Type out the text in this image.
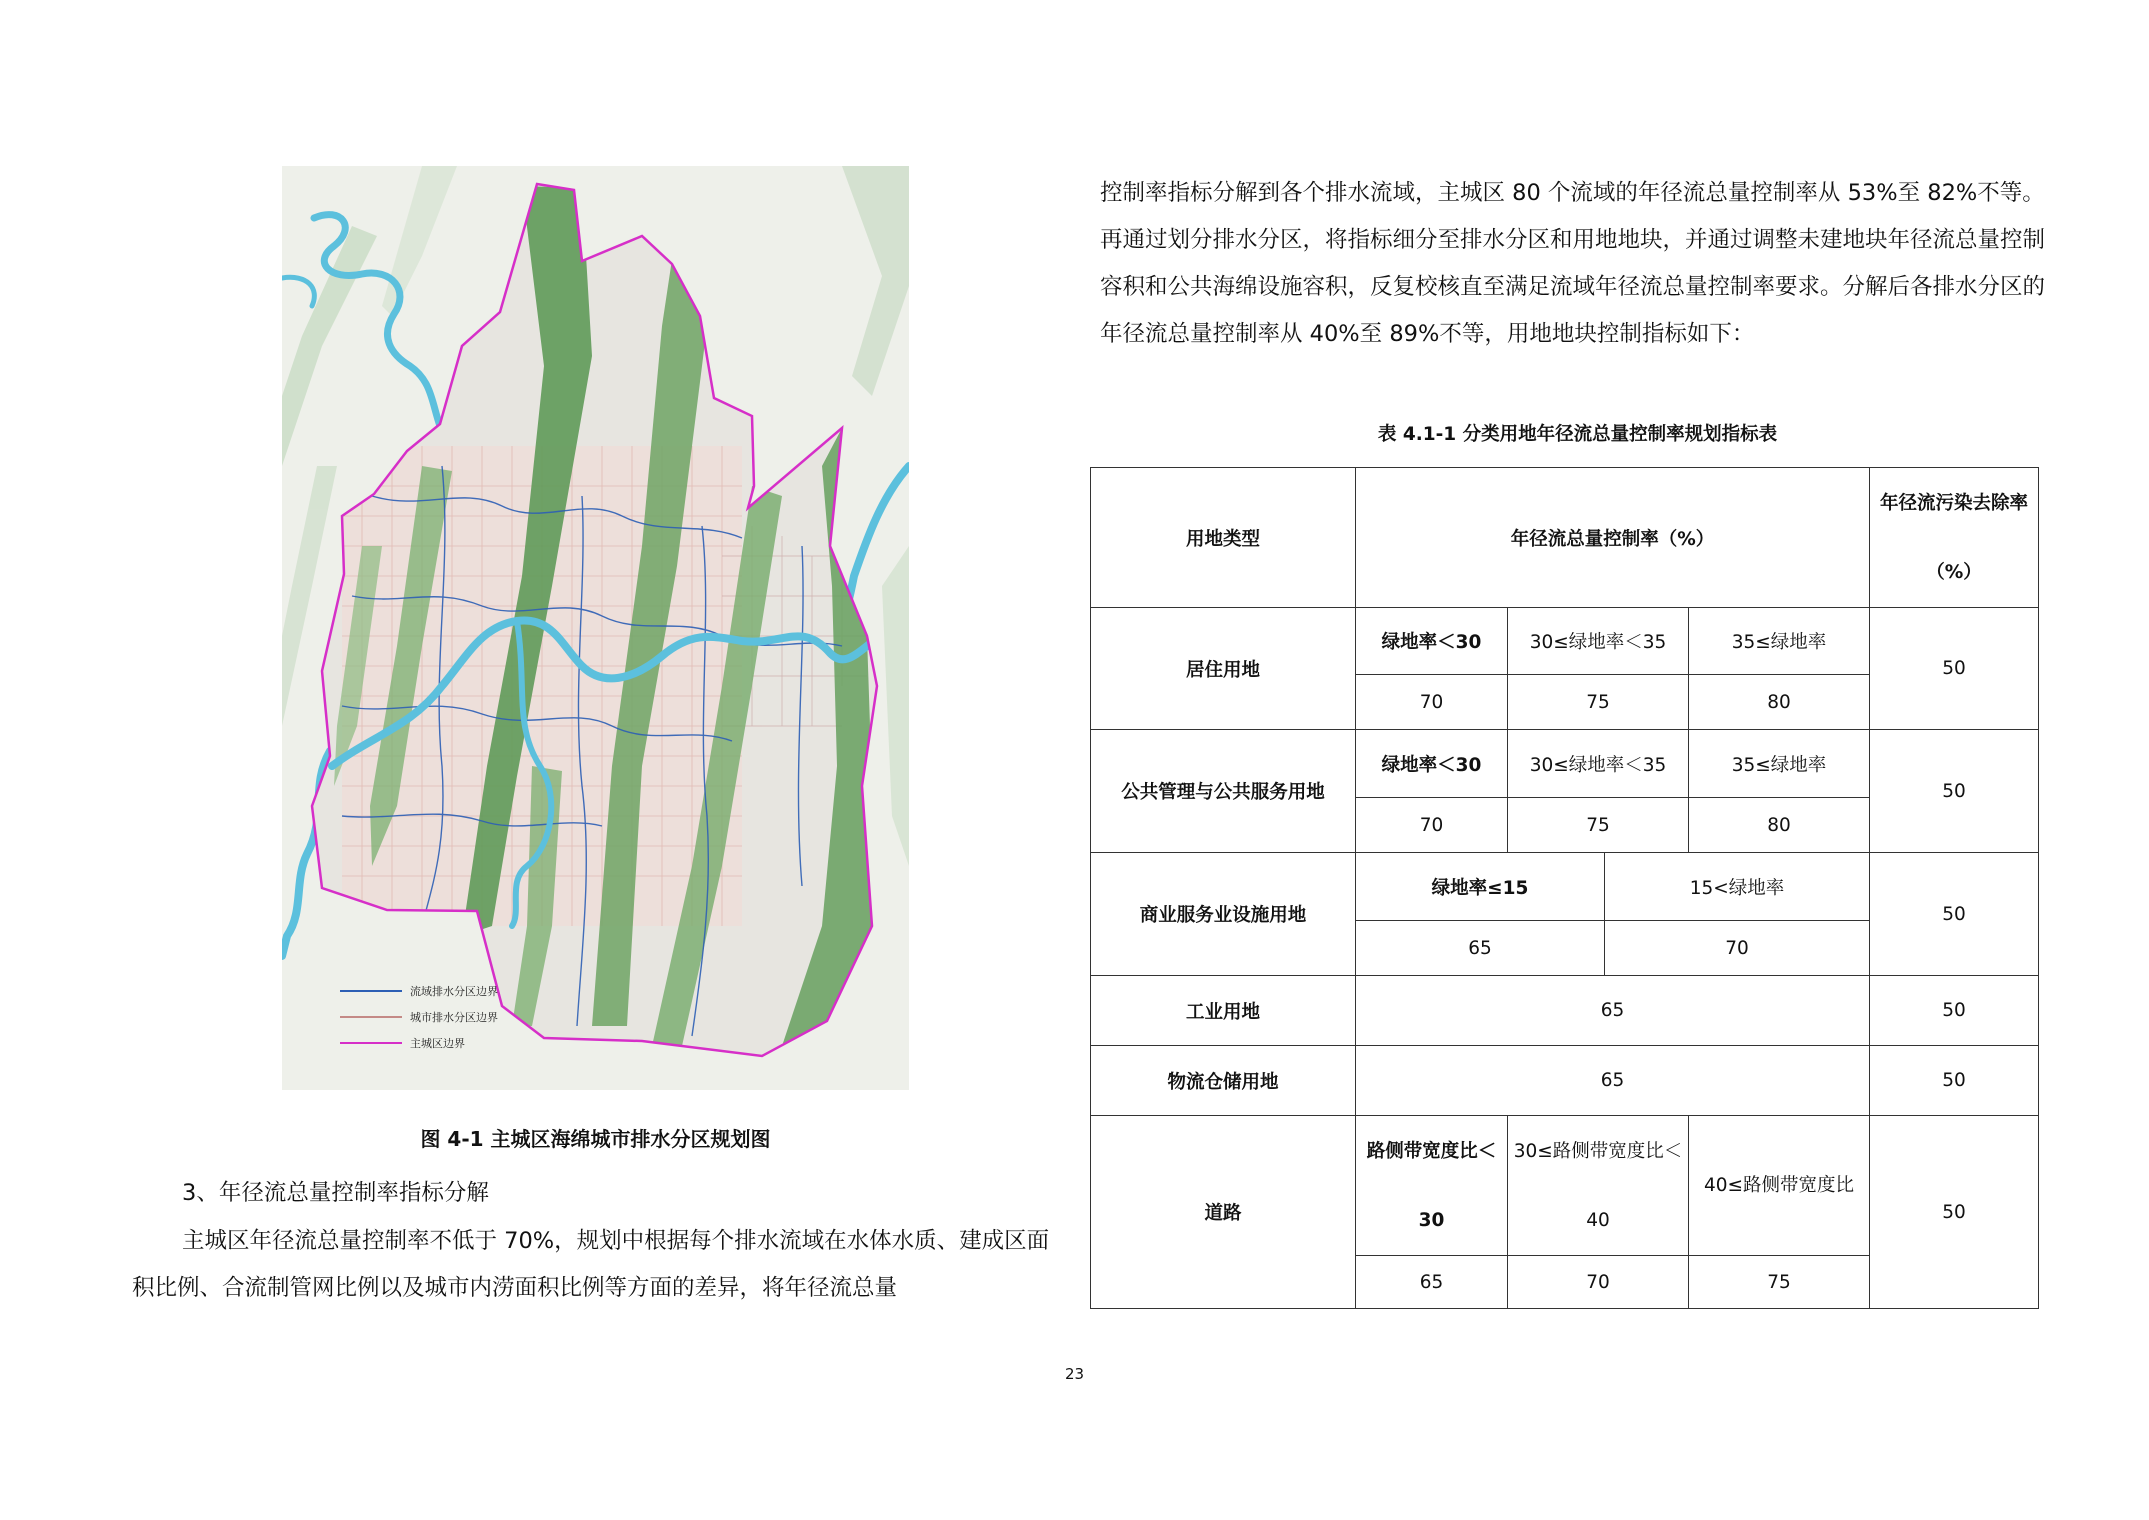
流域排水分区边界
城市排水分区边界
主城区边界
图 4-1 主城区海绵城市排水分区规划图

3、年径流总量控制率指标分解

主城区年径流总量控制率不低于 70%，规划中根据每个排水流域在水体水质、建成区面积比例、合流制管网比例以及城市内涝面积比例等方面的差异，将年径流总量

控制率指标分解到各个排水流域，主城区 80 个流域的年径流总量控制率从 53%至 82%不等。再通过划分排水分区，将指标细分至排水分区和用地地块，并通过调整未建地块年径流总量控制容积和公共海绵设施容积，反复校核直至满足流域年径流总量控制率要求。分解后各排水分区的年径流总量控制率从 40%至 89%不等，用地地块控制指标如下：

表 4.1-1 分类用地年径流总量控制率规划指标表
用地类型	年径流总量控制率（%）				年径流污染去除率（%）
居住用地	绿地率＜30	30≤绿地率＜35		35≤绿地率	50
	70	75		80	
公共管理与公共服务用地	绿地率＜30	30≤绿地率＜35		35≤绿地率	50
	70	75		80	
商业服务业设施用地	绿地率≤15		15<绿地率		50
	65		70		
工业用地	65				50
物流仓储用地	65				50
道路	路侧带宽度比＜30	30≤路侧带宽度比＜40		40≤路侧带宽度比	50
	65	70		75	
23
